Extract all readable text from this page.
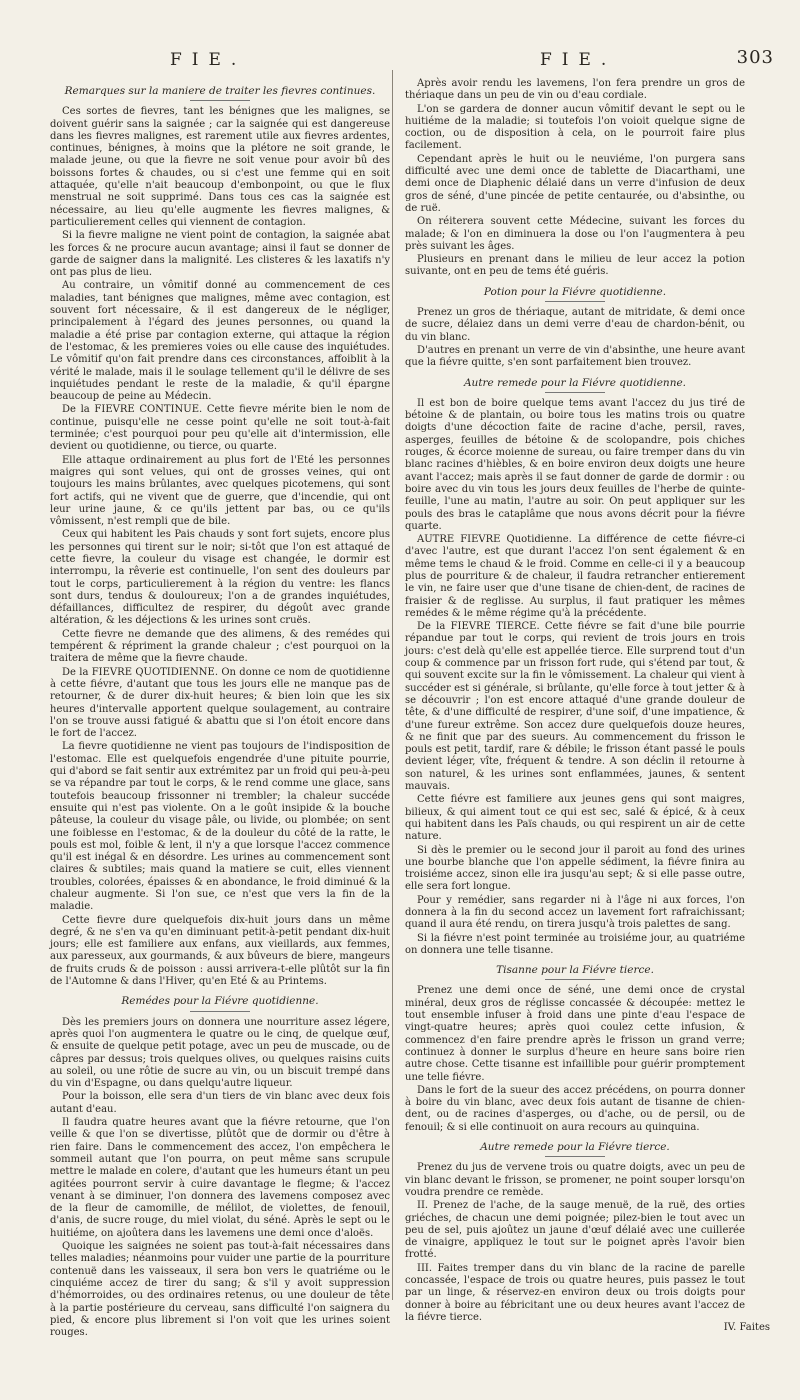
FIE.	FIE.	303
Remarques sur la maniere de traiter les fievres continues.

Ces sortes de fievres, tant les bénignes que les malignes, se doivent guérir sans la saignée ; car la saignée qui est dangereuse dans les fievres malignes, est rarement utile aux fievres ardentes, continues, bénignes, à moins que la plétore ne soit grande, le malade jeune, ou que la fievre ne soit venue pour avoir bû des boissons fortes & chaudes, ou si c'est une femme qui en soit attaquée, qu'elle n'ait beaucoup d'embonpoint, ou que le flux menstrual ne soit supprimé. Dans tous ces cas la saignée est nécessaire, au lieu qu'elle augmente les fievres malignes, & particulierement celles qui viennent de contagion.

Si la fievre maligne ne vient point de contagion, la saignée abat les forces & ne procure aucun avantage; ainsi il faut se donner de garde de saigner dans la malignité. Les clisteres & les laxatifs n'y ont pas plus de lieu.

Au contraire, un vômitif donné au commencement de ces maladies, tant bénignes que malignes, même avec contagion, est souvent fort nécessaire, & il est dangereux de le négliger, principalement à l'égard des jeunes personnes, ou quand la maladie a été prise par contagion externe, qui attaque la région de l'estomac, & les premieres voies ou elle cause des inquiétudes. Le vômitif qu'on fait prendre dans ces circonstances, affoiblit à la vérité le malade, mais il le soulage tellement qu'il le délivre de ses inquiétudes pendant le reste de la maladie, & qu'il épargne beaucoup de peine au Médecin.

De la FIEVRE CONTINUE. Cette fievre mérite bien le nom de continue, puisqu'elle ne cesse point qu'elle ne soit tout-à-fait terminée; c'est pourquoi pour peu qu'elle ait d'intermission, elle devient ou quotidienne, ou tierce, ou quarte.

Elle attaque ordinairement au plus fort de l'Eté les personnes maigres qui sont velues, qui ont de grosses veines, qui ont toujours les mains brûlantes, avec quelques picotemens, qui sont fort actifs, qui ne vivent que de guerre, que d'incendie, qui ont leur urine jaune, & ce qu'ils jettent par bas, ou ce qu'ils vômissent, n'est rempli que de bile.

Ceux qui habitent les Pais chauds y sont fort sujets, encore plus les personnes qui tirent sur le noir; si-tôt que l'on est attaqué de cette fievre, la couleur du visage est changée, le dormir est interrompu, la rêverie est continuelle, l'on sent des douleurs par tout le corps, particulierement à la région du ventre: les flancs sont durs, tendus & douloureux; l'on a de grandes inquiétudes, défaillances, difficultez de respirer, du dégoût avec grande altération, & les déjections & les urines sont cruës.

Cette fievre ne demande que des alimens, & des remédes qui tempérent & répriment la grande chaleur ; c'est pourquoi on la traitera de même que la fievre chaude.

De la FIEVRE QUOTIDIENNE. On donne ce nom de quotidienne à cette fiévre, d'autant que tous les jours elle ne manque pas de retourner, & de durer dix-huit heures; & bien loin que les six heures d'intervalle apportent quelque soulagement, au contraire l'on se trouve aussi fatigué & abattu que si l'on étoit encore dans le fort de l'accez.

La fievre quotidienne ne vient pas toujours de l'indisposition de l'estomac. Elle est quelquefois engendrée d'une pituite pourrie, qui d'abord se fait sentir aux extrémitez par un froid qui peu-à-peu se va répandre par tout le corps, & le rend comme une glace, sans toutefois beaucoup frissonner ni trembler; la chaleur succéde ensuite qui n'est pas violente. On a le goût insipide & la bouche pâteuse, la couleur du visage pâle, ou livide, ou plombée; on sent une foiblesse en l'estomac, & de la douleur du côté de la ratte, le pouls est mol, foible & lent, il n'y a que lorsque l'accez commence qu'il est inégal & en désordre. Les urines au commencement sont claires & subtiles; mais quand la matiere se cuit, elles viennent troubles, colorées, épaisses & en abondance, le froid diminué & la chaleur augmente. Si l'on sue, ce n'est que vers la fin de la maladie.

Cette fievre dure quelquefois dix-huit jours dans un même degré, & ne s'en va qu'en diminuant petit-à-petit pendant dix-huit jours; elle est familiere aux enfans, aux vieillards, aux femmes, aux paresseux, aux gourmands, & aux bûveurs de biere, mangeurs de fruits cruds & de poisson : aussi arrivera-t-elle plûtôt sur la fin de l'Automne & dans l'Hiver, qu'en Eté & au Printems.

Remédes pour la Fiévre quotidienne.

Dès les premiers jours on donnera une nourriture assez légere, après quoi l'on augmentera le quatre ou le cinq, de quelque œuf, & ensuite de quelque petit potage, avec un peu de muscade, ou de câpres par dessus; trois quelques olives, ou quelques raisins cuits au soleil, ou une rôtie de sucre au vin, ou un biscuit trempé dans du vin d'Espagne, ou dans quelqu'autre liqueur.

Pour la boisson, elle sera d'un tiers de vin blanc avec deux fois autant d'eau.

Il faudra quatre heures avant que la fiévre retourne, que l'on veille & que l'on se divertisse, plûtôt que de dormir ou d'être à rien faire. Dans le commencement des accez, l'on empêchera le sommeil autant que l'on pourra, on peut même sans scrupule mettre le malade en colere, d'autant que les humeurs étant un peu agitées pourront servir à cuire davantage le flegme; & l'accez venant à se diminuer, l'on donnera des lavemens composez avec de la fleur de camomille, de mélilot, de violettes, de fenouil, d'anis, de sucre rouge, du miel violat, du séné. Après le sept ou le huitiéme, on ajoûtera dans les lavemens une demi once d'aloës.

Quoique les saignées ne soient pas tout-à-fait nécessaires dans telles maladies; néanmoins pour vuider une partie de la pourriture contenuë dans les vaisseaux, il sera bon vers le quatriéme ou le cinquiéme accez de tirer du sang; & s'il y avoit suppression d'hémorroides, ou des ordinaires retenus, ou une douleur de tête à la partie postérieure du cerveau, sans difficulté l'on saignera du pied, & encore plus librement si l'on voit que les urines soient rouges.

Après avoir rendu les lavemens, l'on fera prendre un gros de thériaque dans un peu de vin ou d'eau cordiale.

L'on se gardera de donner aucun vômitif devant le sept ou le huitiéme de la maladie; si toutefois l'on voioit quelque signe de coction, ou de disposition à cela, on le pourroit faire plus facilement.

Cependant après le huit ou le neuviéme, l'on purgera sans difficulté avec une demi once de tablette de Diacarthami, une demi once de Diaphenic délaié dans un verre d'infusion de deux gros de séné, d'une pincée de petite centaurée, ou d'absinthe, ou de ruë.

On réiterera souvent cette Médecine, suivant les forces du malade; & l'on en diminuera la dose ou l'on l'augmentera à peu près suivant les âges.

Plusieurs en prenant dans le milieu de leur accez la potion suivante, ont en peu de tems été guéris.

Potion pour la Fiévre quotidienne.

Prenez un gros de thériaque, autant de mitridate, & demi once de sucre, délaiez dans un demi verre d'eau de chardon-bénit, ou du vin blanc.

D'autres en prenant un verre de vin d'absinthe, une heure avant que la fiévre quitte, s'en sont parfaitement bien trouvez.

Autre remede pour la Fiévre quotidienne.

Il est bon de boire quelque tems avant l'accez du jus tiré de bétoine & de plantain, ou boire tous les matins trois ou quatre doigts d'une décoction faite de racine d'ache, persil, raves, asperges, feuilles de bétoine & de scolopandre, pois chiches rouges, & écorce moienne de sureau, ou faire tremper dans du vin blanc racines d'hièbles, & en boire environ deux doigts une heure avant l'accez; mais après il se faut donner de garde de dormir : ou boire avec du vin tous les jours deux feuilles de l'herbe de quinte-feuille, l'une au matin, l'autre au soir. On peut appliquer sur les pouls des bras le cataplâme que nous avons décrit pour la fiévre quarte.

AUTRE FIEVRE Quotidienne. La différence de cette fiévre-ci d'avec l'autre, est que durant l'accez l'on sent également & en même tems le chaud & le froid. Comme en celle-ci il y a beaucoup plus de pourriture & de chaleur, il faudra retrancher entierement le vin, ne faire user que d'une tisane de chien-dent, de racines de fraisier & de reglisse. Au surplus, il faut pratiquer les mêmes remédes & le même régime qu'à la précédente.

De la FIEVRE TIERCE. Cette fiévre se fait d'une bile pourrie répandue par tout le corps, qui revient de trois jours en trois jours: c'est delà qu'elle est appellée tierce. Elle surprend tout d'un coup & commence par un frisson fort rude, qui s'étend par tout, & qui souvent excite sur la fin le vômissement. La chaleur qui vient à succéder est si générale, si brûlante, qu'elle force à tout jetter & à se découvrir ; l'on est encore attaqué d'une grande douleur de tête, & d'une difficulté de respirer, d'une soif, d'une impatience, & d'une fureur extrême. Son accez dure quelquefois douze heures, & ne finit que par des sueurs. Au commencement du frisson le pouls est petit, tardif, rare & débile; le frisson étant passé le pouls devient léger, vîte, fréquent & tendre. A son déclin il retourne à son naturel, & les urines sont enflammées, jaunes, & sentent mauvais.

Cette fiévre est familiere aux jeunes gens qui sont maigres, bilieux, & qui aiment tout ce qui est sec, salé & épicé, & à ceux qui habitent dans les Païs chauds, ou qui respirent un air de cette nature.

Si dès le premier ou le second jour il paroit au fond des urines une bourbe blanche que l'on appelle sédiment, la fiévre finira au troisiéme accez, sinon elle ira jusqu'au sept; & si elle passe outre, elle sera fort longue.

Pour y remédier, sans regarder ni à l'âge ni aux forces, l'on donnera à la fin du second accez un lavement fort rafraichissant; quand il aura été rendu, on tirera jusqu'à trois palettes de sang.

Si la fiévre n'est point terminée au troisiéme jour, au quatriéme on donnera une telle tisanne.

Tisanne pour la Fiévre tierce.

Prenez une demi once de séné, une demi once de crystal minéral, deux gros de réglisse concassée & découpée: mettez le tout ensemble infuser à froid dans une pinte d'eau l'espace de vingt-quatre heures; après quoi coulez cette infusion, & commencez d'en faire prendre après le frisson un grand verre; continuez à donner le surplus d'heure en heure sans boire rien autre chose. Cette tisanne est infaillible pour guérir promptement une telle fiévre.

Dans le fort de la sueur des accez précédens, on pourra donner à boire du vin blanc, avec deux fois autant de tisanne de chien-dent, ou de racines d'asperges, ou d'ache, ou de persil, ou de fenouil; & si elle continuoit on aura recours au quinquina.

Autre remede pour la Fiévre tierce.

Prenez du jus de vervene trois ou quatre doigts, avec un peu de vin blanc devant le frisson, se promener, ne point souper lorsqu'on voudra prendre ce remède.

II. Prenez de l'ache, de la sauge menuë, de la ruë, des orties griéches, de chacun une demi poignée; pilez-bien le tout avec un peu de sel, puis ajoûtez un jaune d'œuf délaié avec une cuillerée de vinaigre, appliquez le tout sur le poignet après l'avoir bien frotté.

III. Faites tremper dans du vin blanc de la racine de parelle concassée, l'espace de trois ou quatre heures, puis passez le tout par un linge, & réservez-en environ deux ou trois doigts pour donner à boire au fébricitant une ou deux heures avant l'accez de la fiévre tierce.

IV. Faites
